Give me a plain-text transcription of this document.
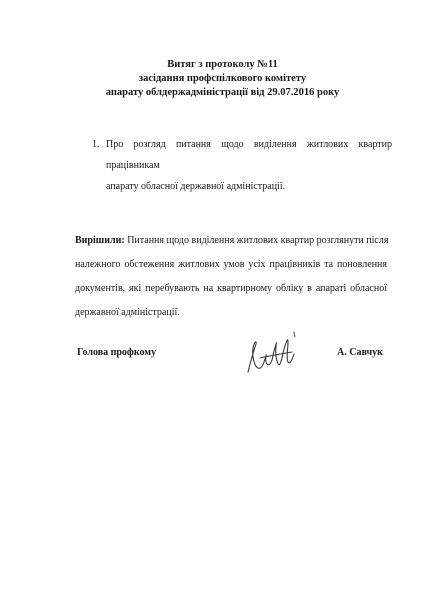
Витяг з протоколу №11
засідання профспілкового комітету
апарату облдержадміністрації від 29.07.2016 року
1. Про розгляд питання щодо виділення житлових квартир працівникам
апарату обласної державної адміністрації.
Вирішили: Питання щодо виділення житлових квартир розглянути після
належного обстеження житлових умов усіх працівників та поновлення
документів, які перебувають на квартирному обліку в апараті обласної
державної адміністрації.
Голова профкому	А. Савчук
